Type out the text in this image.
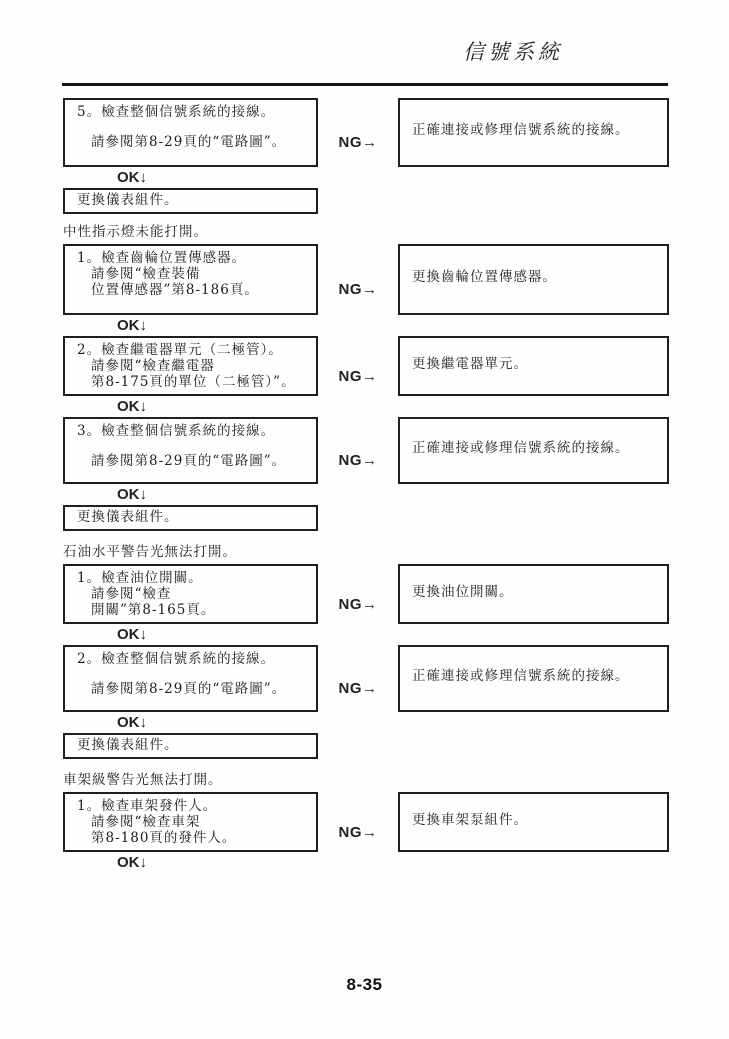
信號系統
5。檢查整個信號系統的接線。
請參閱第8-29頁的“電路圖”。	NG→
正確連接或修理信號系統的接線。
OK↓
更換儀表組件。
中性指示燈未能打開。
1。檢查齒輪位置傳感器。
請參閱“檢查裝備
位置傳感器”第8-186頁。	NG→
更換齒輪位置傳感器。
OK↓
2。檢查繼電器單元（二極管）。
請參閱“檢查繼電器
第8-175頁的單位（二極管）”。	NG→
更換繼電器單元。
OK↓
3。檢查整個信號系統的接線。
請參閱第8-29頁的“電路圖”。	NG→
正確連接或修理信號系統的接線。
OK↓
更換儀表組件。
石油水平警告光無法打開。
1。檢查油位開關。
請參閱“檢查
開關”第8-165頁。	NG→
更換油位開關。
OK↓
2。檢查整個信號系統的接線。
請參閱第8-29頁的“電路圖”。	NG→
正確連接或修理信號系統的接線。
OK↓
更換儀表組件。
車架級警告光無法打開。
1。檢查車架發件人。
請參閱“檢查車架
第8-180頁的發件人。	NG→
更換車架泵組件。
OK↓
8-35
